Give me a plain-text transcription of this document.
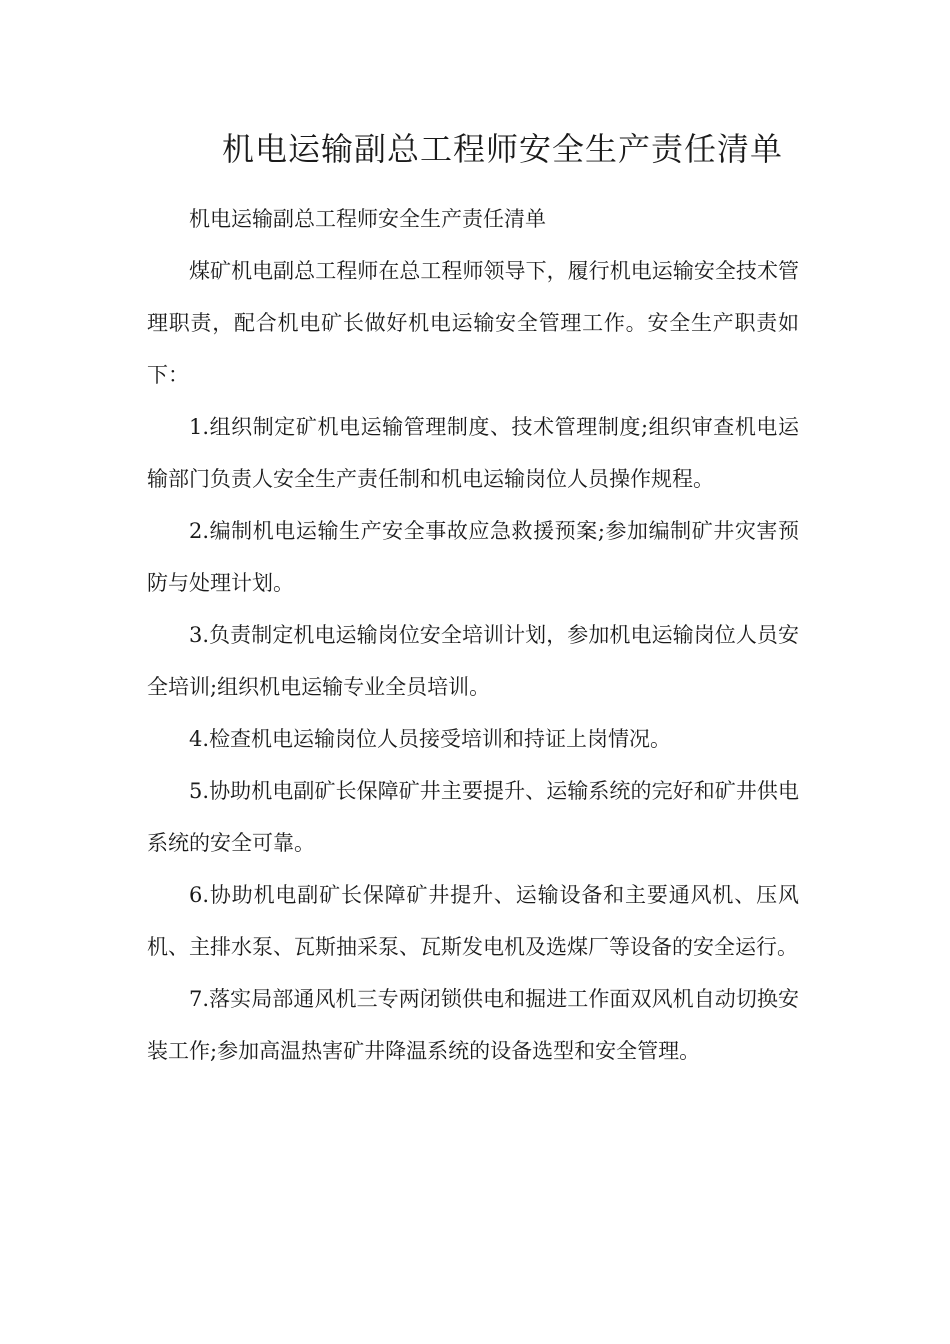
机电运输副总工程师安全生产责任清单

机电运输副总工程师安全生产责任清单

煤矿机电副总工程师在总工程师领导下，履行机电运输安全技术管理职责，配合机电矿长做好机电运输安全管理工作。安全生产职责如下：

1.组织制定矿机电运输管理制度、技术管理制度;组织审查机电运输部门负责人安全生产责任制和机电运输岗位人员操作规程。

2.编制机电运输生产安全事故应急救援预案;参加编制矿井灾害预防与处理计划。

3.负责制定机电运输岗位安全培训计划，参加机电运输岗位人员安全培训;组织机电运输专业全员培训。

4.检查机电运输岗位人员接受培训和持证上岗情况。

5.协助机电副矿长保障矿井主要提升、运输系统的完好和矿井供电系统的安全可靠。

6.协助机电副矿长保障矿井提升、运输设备和主要通风机、压风机、主排水泵、瓦斯抽采泵、瓦斯发电机及选煤厂等设备的安全运行。

7.落实局部通风机三专两闭锁供电和掘进工作面双风机自动切换安装工作;参加高温热害矿井降温系统的设备选型和安全管理。
